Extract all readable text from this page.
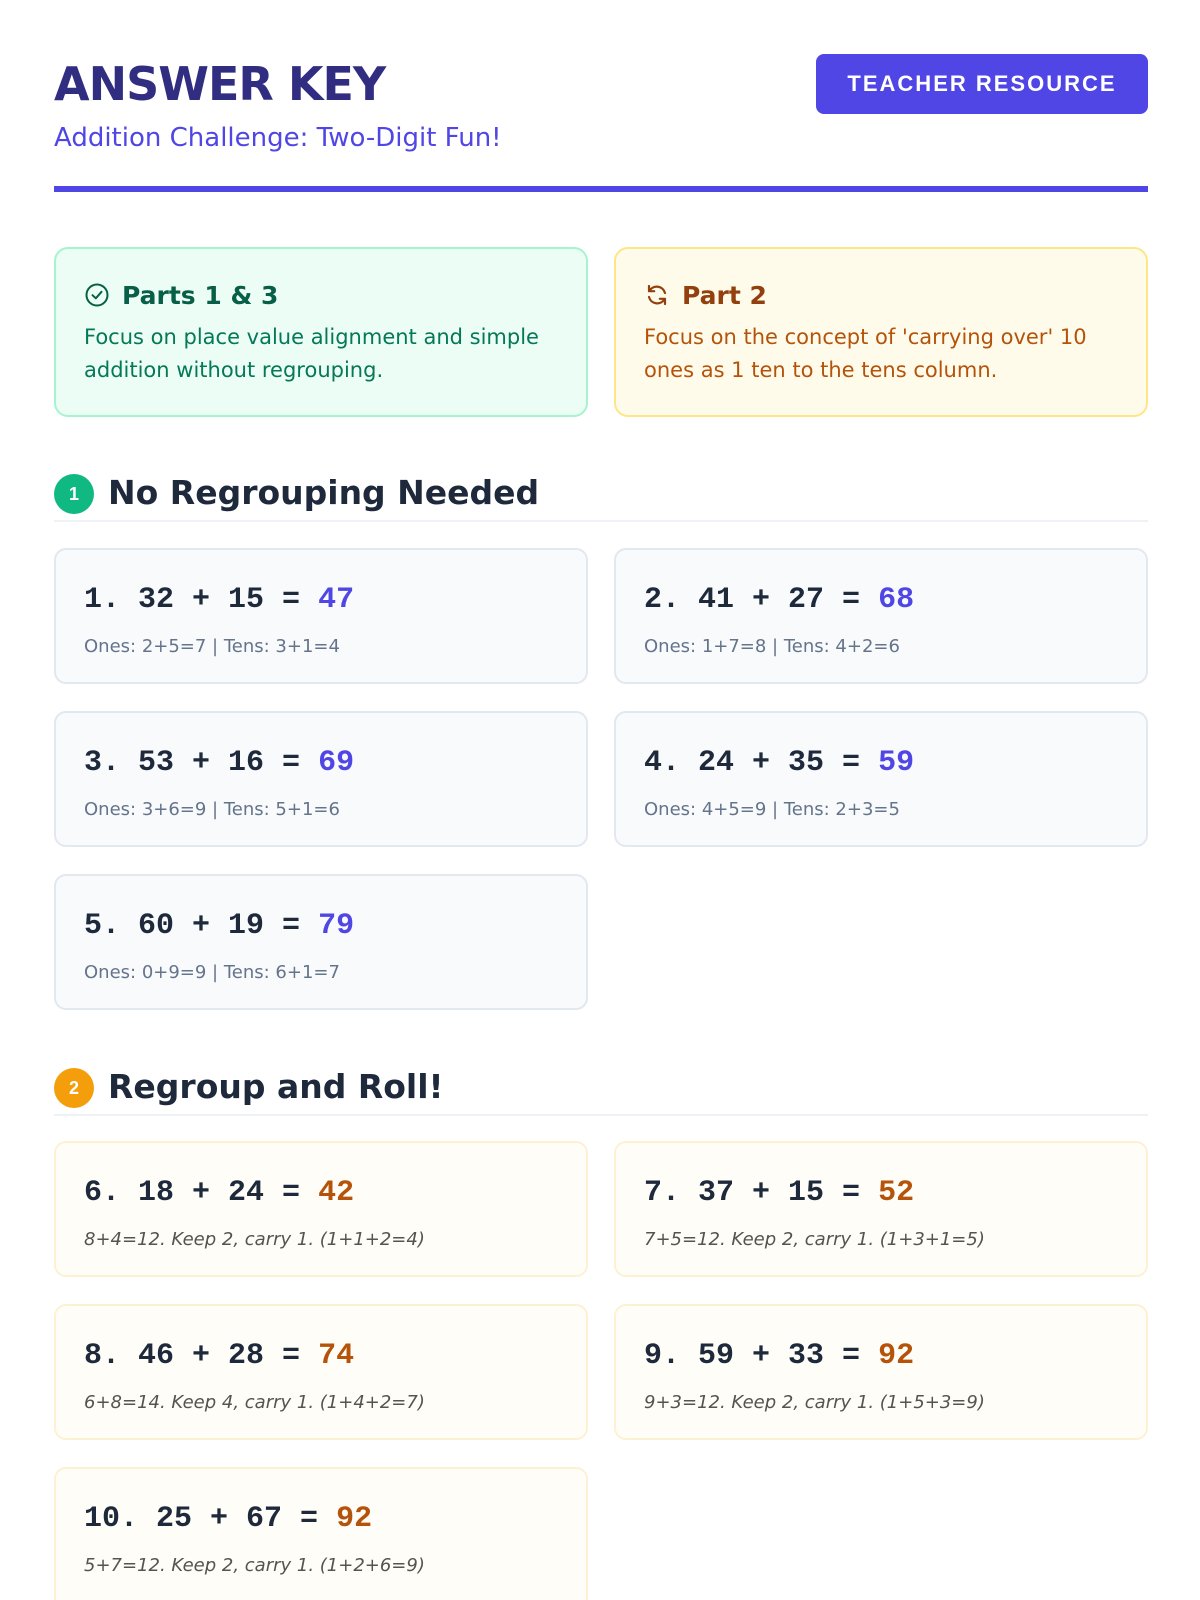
ANSWER KEY
Addition Challenge: Two-Digit Fun!
TEACHER RESOURCE
Parts 1 & 3
Focus on place value alignment and simple addition without regrouping.
Part 2
Focus on the concept of 'carrying over' 10 ones as 1 ten to the tens column.
1 No Regrouping Needed
1. 32 + 15 = 47
Ones: 2+5=7 | Tens: 3+1=4
2. 41 + 27 = 68
Ones: 1+7=8 | Tens: 4+2=6
3. 53 + 16 = 69
Ones: 3+6=9 | Tens: 5+1=6
4. 24 + 35 = 59
Ones: 4+5=9 | Tens: 2+3=5
5. 60 + 19 = 79
Ones: 0+9=9 | Tens: 6+1=7
2 Regroup and Roll!
6. 18 + 24 = 42
8+4=12. Keep 2, carry 1. (1+1+2=4)
7. 37 + 15 = 52
7+5=12. Keep 2, carry 1. (1+3+1=5)
8. 46 + 28 = 74
6+8=14. Keep 4, carry 1. (1+4+2=7)
9. 59 + 33 = 92
9+3=12. Keep 2, carry 1. (1+5+3=9)
10. 25 + 67 = 92
5+7=12. Keep 2, carry 1. (1+2+6=9)
